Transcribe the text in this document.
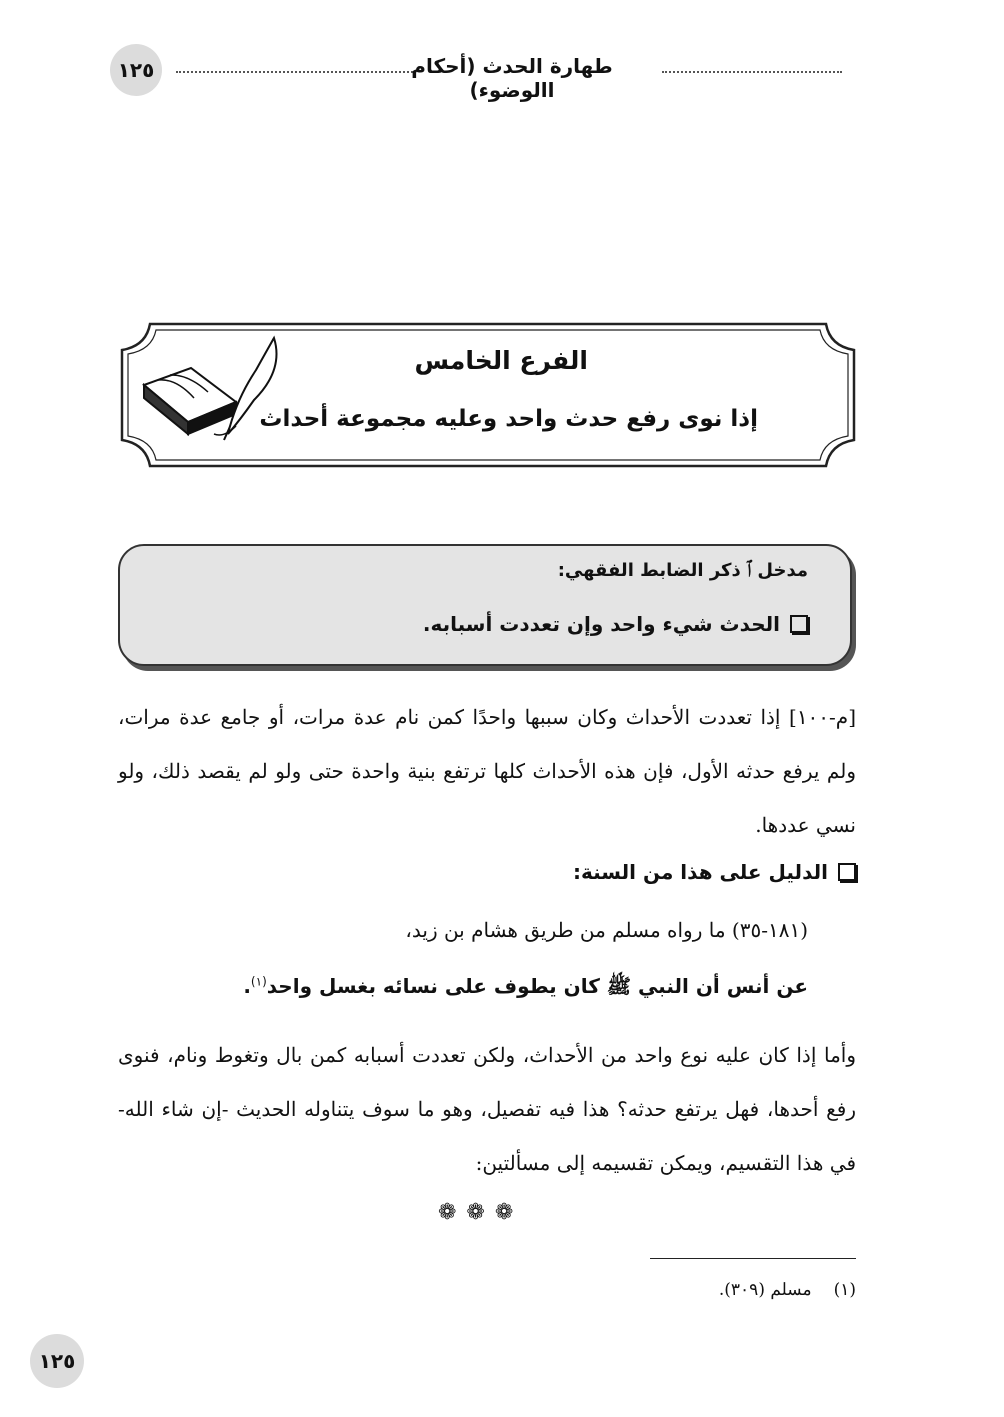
١٢٥	طهارة الحدث (أحكام االوضوء)
الفرع الخامس
إذا نوى رفع حدث واحد وعليه مجموعة أحداث
مدخل ﭐ ذكر الضابط الفقهي:
الحدث شيء واحد وإن تعددت أسبابه.
[م-١٠٠] إذا تعددت الأحداث وكان سببها واحدًا كمن نام عدة مرات، أو جامع عدة مرات، ولم يرفع حدثه الأول، فإن هذه الأحداث كلها ترتفع بنية واحدة حتى ولو لم يقصد ذلك، ولو نسي عددها.
الدليل على هذا من السنة:
(١٨١-٣٥) ما رواه مسلم من طريق هشام بن زيد،
عن أنس أن النبي ﷺ كان يطوف على نسائه بغسل واحد$^{(١)}$.
وأما إذا كان عليه نوع واحد من الأحداث، ولكن تعددت أسبابه كمن بال وتغوط ونام، فنوى رفع أحدها، فهل يرتفع حدثه؟ هذا فيه تفصيل، وهو ما سوف يتناوله الحديث -إن شاء الله- في هذا التقسيم، ويمكن تقسيمه إلى مسألتين:
❁❁❁
(١)مسلم (٣٠٩).
١٢٥
